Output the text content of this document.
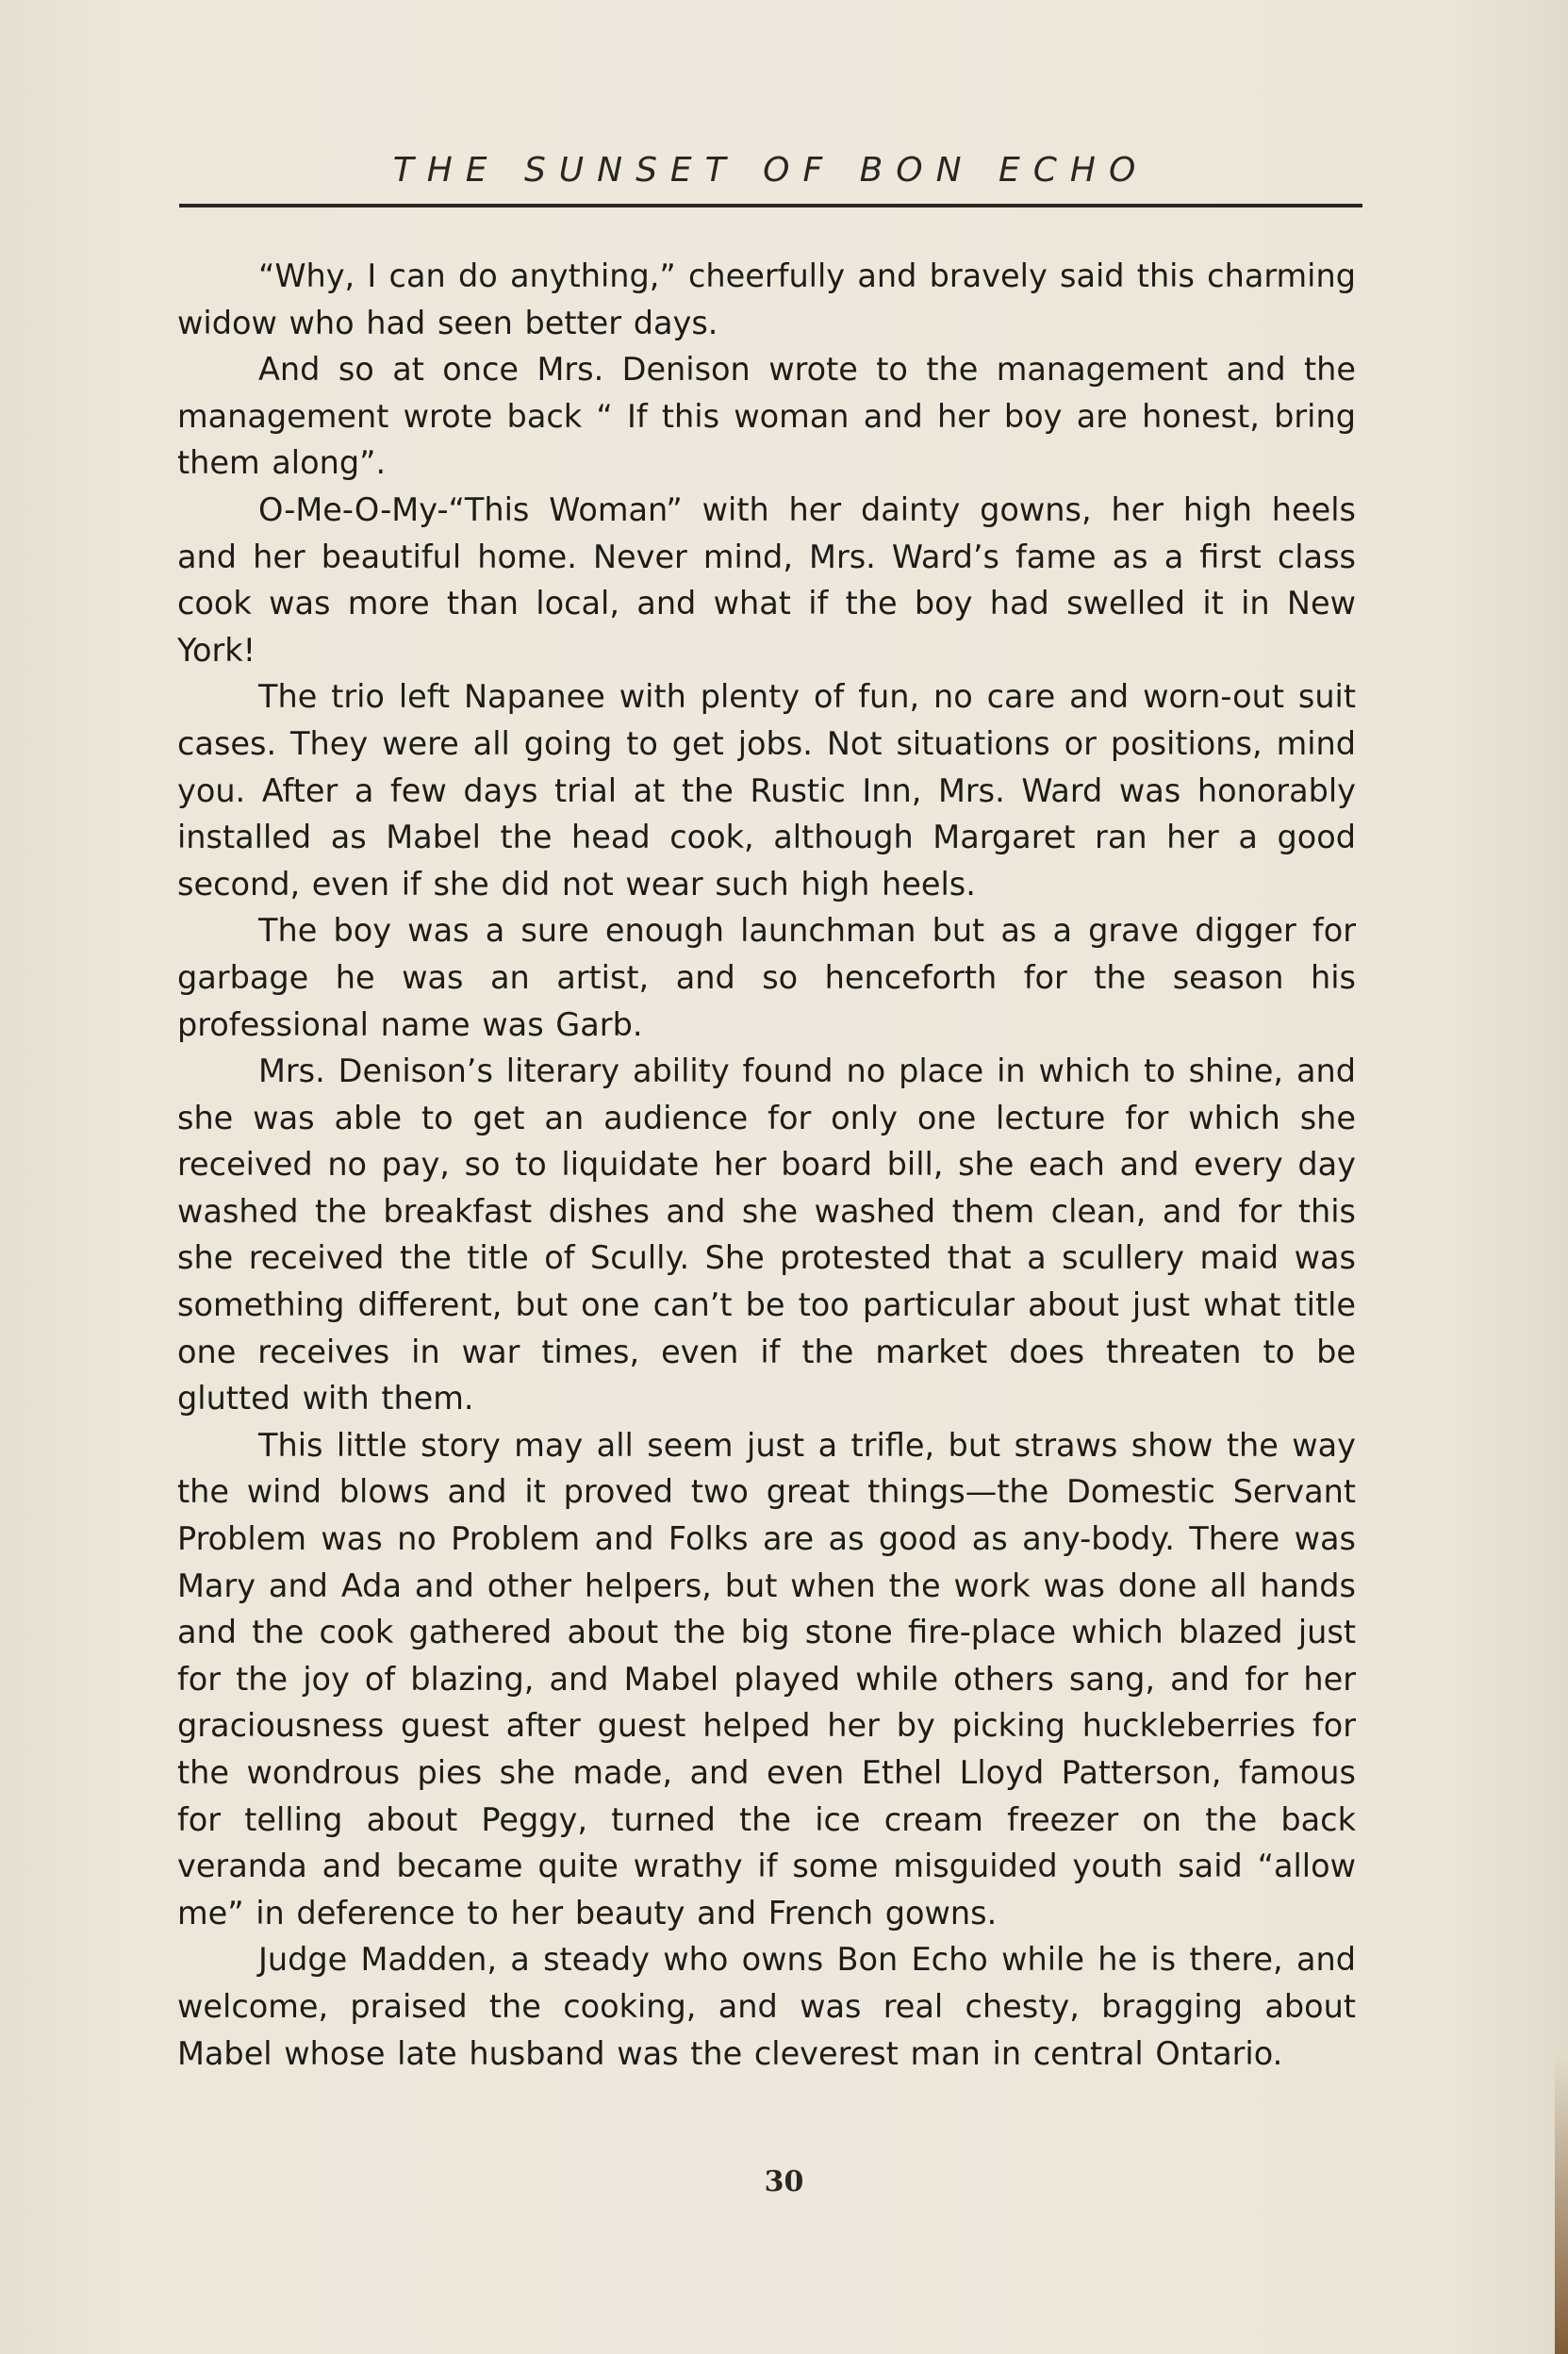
THE SUNSET OF BON ECHO

“Why, I can do anything,” cheerfully and bravely said this charming widow who had seen better days.

And so at once Mrs. Denison wrote to the management and the management wrote back “ If this woman and her boy are honest, bring them along”.

O-Me-O-My-“This Woman” with her dainty gowns, her high heels and her beautiful home. Never mind, Mrs. Ward’s fame as a first class cook was more than local, and what if the boy had swelled it in New York!

The trio left Napanee with plenty of fun, no care and worn-out suit cases. They were all going to get jobs. Not situations or positions, mind you. After a few days trial at the Rustic Inn, Mrs. Ward was honorably installed as Mabel the head cook, although Margaret ran her a good second, even if she did not wear such high heels.

The boy was a sure enough launchman but as a grave digger for garbage he was an artist, and so henceforth for the season his professional name was Garb.

Mrs. Denison’s literary ability found no place in which to shine, and she was able to get an audience for only one lecture for which she received no pay, so to liquidate her board bill, she each and every day washed the breakfast dishes and she washed them clean, and for this she received the title of Scully. She protested that a scullery maid was something different, but one can’t be too particular about just what title one receives in war times, even if the market does threaten to be glutted with them.

This little story may all seem just a trifle, but straws show the way the wind blows and it proved two great things—the Domestic Servant Problem was no Problem and Folks are as good as any-body. There was Mary and Ada and other helpers, but when the work was done all hands and the cook gathered about the big stone fire-place which blazed just for the joy of blazing, and Mabel played while others sang, and for her graciousness guest after guest helped her by picking huckleberries for the wondrous pies she made, and even Ethel Lloyd Patterson, famous for telling about Peggy, turned the ice cream freezer on the back veranda and became quite wrathy if some misguided youth said “allow me” in deference to her beauty and French gowns.

Judge Madden, a steady who owns Bon Echo while he is there, and welcome, praised the cooking, and was real chesty, bragging about Mabel whose late husband was the cleverest man in central Ontario.

30
